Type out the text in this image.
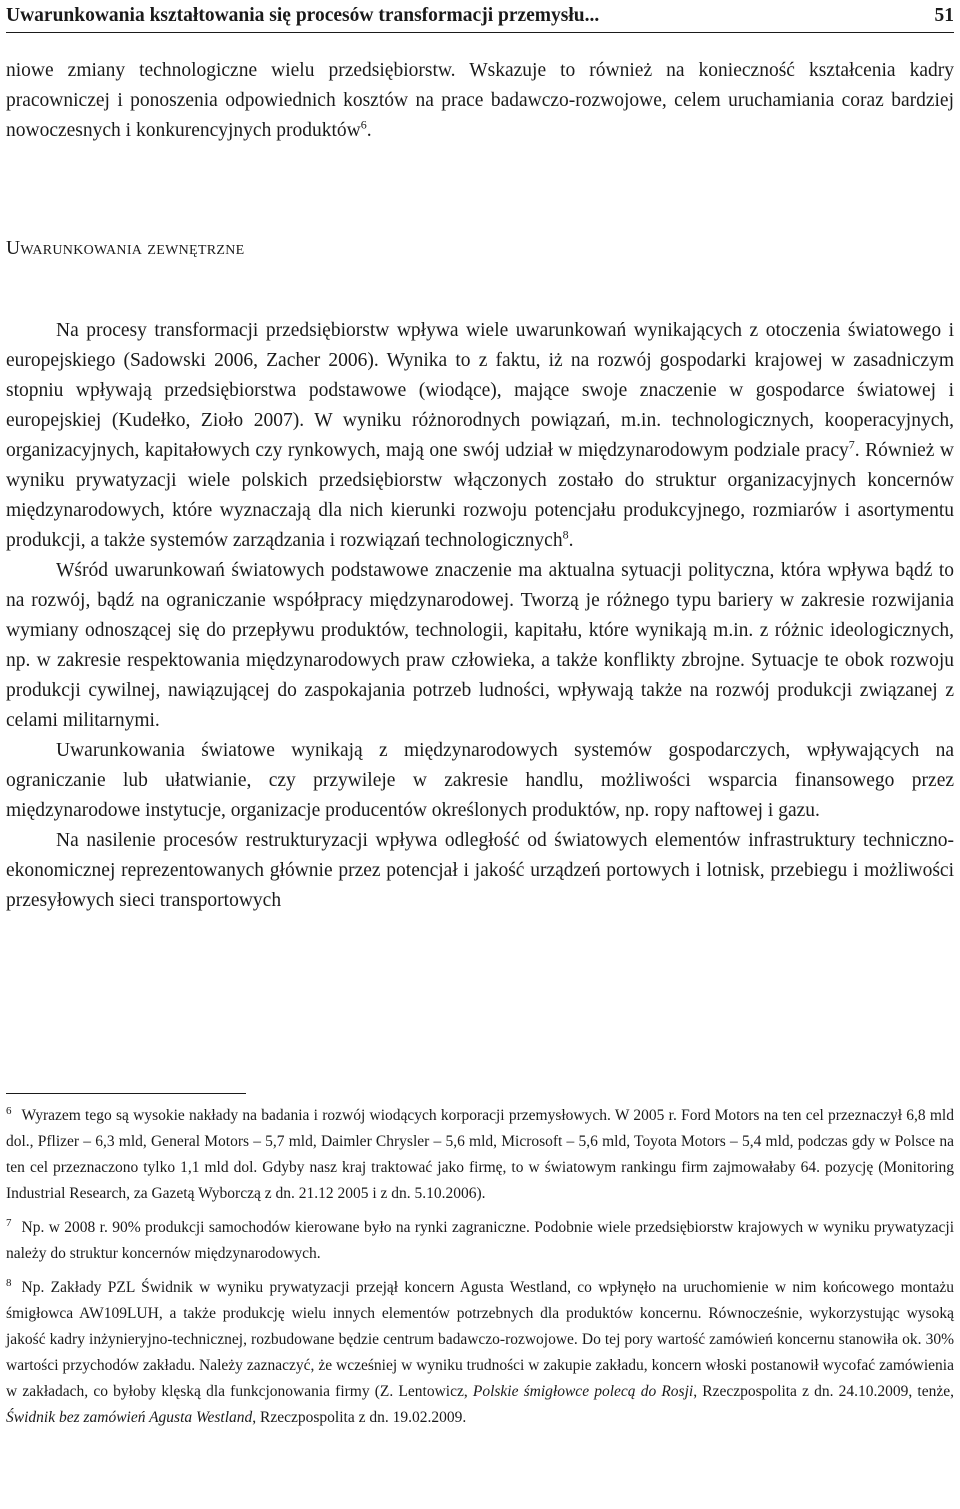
Uwarunkowania kształtowania się procesów transformacji przemysłu...	51

niowe zmiany technologiczne wielu przedsiębiorstw. Wskazuje to również na konieczność kształcenia kadry pracowniczej i ponoszenia odpowiednich kosztów na prace badawczo-rozwojowe, celem uruchamiania coraz bardziej nowoczesnych i konkurencyjnych produktów$^6$.

Uwarunkowania zewnętrzne

Na procesy transformacji przedsiębiorstw wpływa wiele uwarunkowań wynikających z otoczenia światowego i europejskiego (Sadowski 2006, Zacher 2006). Wynika to z faktu, iż na rozwój gospodarki krajowej w zasadniczym stopniu wpływają przedsiębiorstwa podstawowe (wiodące), mające swoje znaczenie w gospodarce światowej i europejskiej (Kudełko, Zioło 2007). W wyniku różnorodnych powiązań, m.in. technologicznych, kooperacyjnych, organizacyjnych, kapitałowych czy rynkowych, mają one swój udział w międzynarodowym podziale pracy$^7$. Również w wyniku prywatyzacji wiele polskich przedsiębiorstw włączonych zostało do struktur organizacyjnych koncernów międzynarodowych, które wyznaczają dla nich kierunki rozwoju potencjału produkcyjnego, rozmiarów i asortymentu produkcji, a także systemów zarządzania i rozwiązań technologicznych$^8$.

Wśród uwarunkowań światowych podstawowe znaczenie ma aktualna sytuacji polityczna, która wpływa bądź to na rozwój, bądź na ograniczanie współpracy międzynarodowej. Tworzą je różnego typu bariery w zakresie rozwijania wymiany odnoszącej się do przepływu produktów, technologii, kapitału, które wynikają m.in. z różnic ideologicznych, np. w zakresie respektowania międzynarodowych praw człowieka, a także konflikty zbrojne. Sytuacje te obok rozwoju produkcji cywilnej, nawiązującej do zaspokajania potrzeb ludności, wpływają także na rozwój produkcji związanej z celami militarnymi.

Uwarunkowania światowe wynikają z międzynarodowych systemów gospodarczych, wpływających na ograniczanie lub ułatwianie, czy przywileje w zakresie handlu, możliwości wsparcia finansowego przez międzynarodowe instytucje, organizacje producentów określonych produktów, np. ropy naftowej i gazu.

Na nasilenie procesów restrukturyzacji wpływa odległość od światowych elementów infrastruktury techniczno-ekonomicznej reprezentowanych głównie przez potencjał i jakość urządzeń portowych i lotnisk, przebiegu i możliwości przesyłowych sieci transportowych

$^6$ Wyrazem tego są wysokie nakłady na badania i rozwój wiodących korporacji przemysłowych. W 2005 r. Ford Motors na ten cel przeznaczył 6,8 mld dol., Pflizer – 6,3 mld, General Motors – 5,7 mld, Daimler Chrysler – 5,6 mld, Microsoft – 5,6 mld, Toyota Motors – 5,4 mld, podczas gdy w Polsce na ten cel przeznaczono tylko 1,1 mld dol. Gdyby nasz kraj traktować jako firmę, to w światowym rankingu firm zajmowałaby 64. pozycję (Monitoring Industrial Research, za Gazetą Wyborczą z dn. 21.12 2005 i z dn. 5.10.2006).

$^7$ Np. w 2008 r. 90% produkcji samochodów kierowane było na rynki zagraniczne. Podobnie wiele przedsiębiorstw krajowych w wyniku prywatyzacji należy do struktur koncernów międzynarodowych.

$^8$ Np. Zakłady PZL Świdnik w wyniku prywatyzacji przejął koncern Agusta Westland, co wpłynęło na uruchomienie w nim końcowego montażu śmigłowca AW109LUH, a także produkcję wielu innych elementów potrzebnych dla produktów koncernu. Równocześnie, wykorzystując wysoką jakość kadry inżynieryjno-technicznej, rozbudowane będzie centrum badawczo-rozwojowe. Do tej pory wartość zamówień koncernu stanowiła ok. 30% wartości przychodów zakładu. Należy zaznaczyć, że wcześniej w wyniku trudności w zakupie zakładu, koncern włoski postanowił wycofać zamówienia w zakładach, co byłoby klęską dla funkcjonowania firmy (Z. Lentowicz, Polskie śmigłowce polecą do Rosji, Rzeczpospolita z dn. 24.10.2009, tenże, Świdnik bez zamówień Agusta Westland, Rzeczpospolita z dn. 19.02.2009.
